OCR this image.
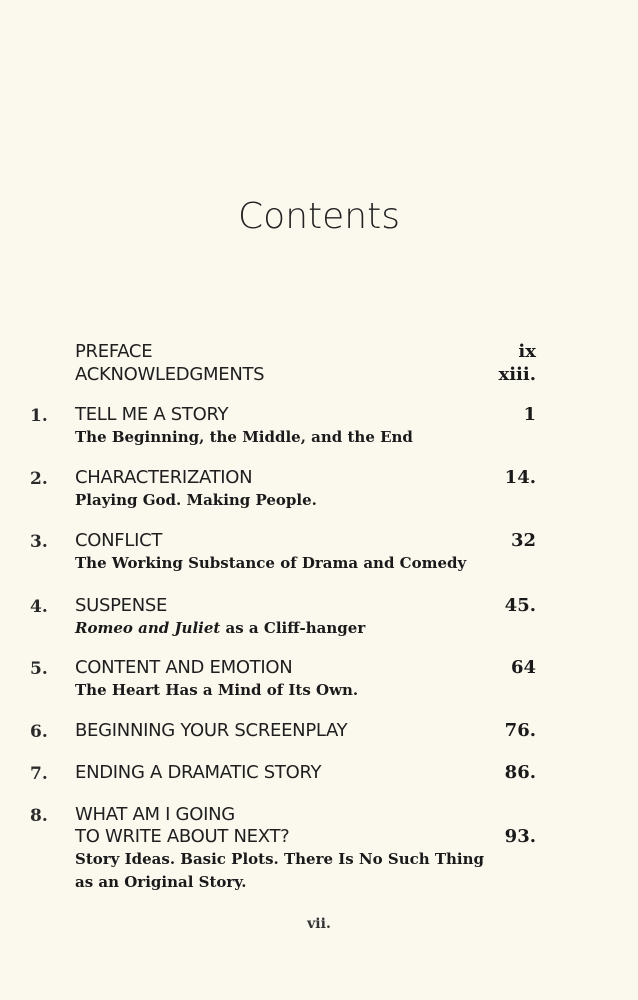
Contents
PREFACE	ix
ACKNOWLEDGMENTS	xiii.
1. TELL ME A STORY	1
The Beginning, the Middle, and the End
2. CHARACTERIZATION	14.
Playing God. Making People.
3. CONFLICT	32
The Working Substance of Drama and Comedy
4. SUSPENSE	45.
Romeo and Juliet as a Cliff-hanger
5. CONTENT AND EMOTION	64
The Heart Has a Mind of Its Own.
6. BEGINNING YOUR SCREENPLAY	76.
7. ENDING A DRAMATIC STORY	86.
8. WHAT AM I GOING
TO WRITE ABOUT NEXT?	93.
Story Ideas. Basic Plots. There Is No Such Thing
as an Original Story.
vii.
